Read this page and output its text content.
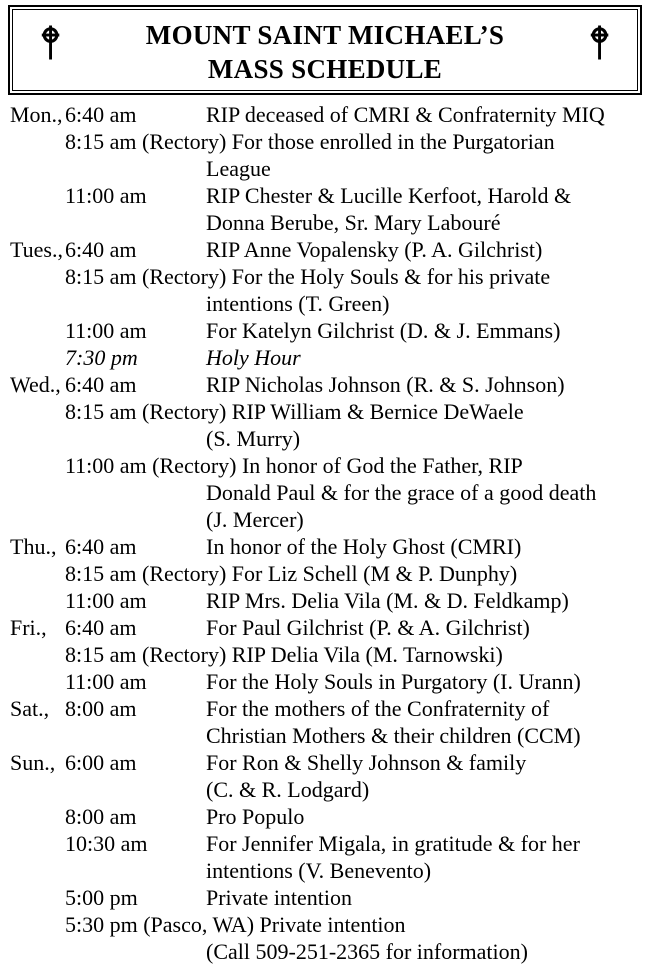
MOUNT SAINT MICHAEL’S
MASS SCHEDULE
Mon., 6:40 am	RIP deceased of CMRI & Confraternity MIQ
8:15 am (Rectory) For those enrolled in the Purgatorian
League
11:00 am	RIP Chester & Lucille Kerfoot, Harold &
Donna Berube, Sr. Mary Labouré
Tues., 6:40 am	RIP Anne Vopalensky (P. A. Gilchrist)
8:15 am (Rectory) For the Holy Souls & for his private
intentions (T. Green)
11:00 am	For Katelyn Gilchrist (D. & J. Emmans)
7:30 pm	Holy Hour
Wed., 6:40 am	RIP Nicholas Johnson (R. & S. Johnson)
8:15 am (Rectory) RIP William & Bernice DeWaele
(S. Murry)
11:00 am (Rectory) In honor of God the Father, RIP
Donald Paul & for the grace of a good death
(J. Mercer)
Thu., 6:40 am	In honor of the Holy Ghost (CMRI)
8:15 am (Rectory) For Liz Schell (M & P. Dunphy)
11:00 am	RIP Mrs. Delia Vila (M. & D. Feldkamp)
Fri., 6:40 am	For Paul Gilchrist (P. & A. Gilchrist)
8:15 am (Rectory) RIP Delia Vila (M. Tarnowski)
11:00 am	For the Holy Souls in Purgatory (I. Urann)
Sat., 8:00 am	For the mothers of the Confraternity of
Christian Mothers & their children (CCM)
Sun., 6:00 am	For Ron & Shelly Johnson & family
(C. & R. Lodgard)
8:00 am	Pro Populo
10:30 am	For Jennifer Migala, in gratitude & for her
intentions (V. Benevento)
5:00 pm	Private intention
5:30 pm (Pasco, WA) Private intention
(Call 509-251-2365 for information)
